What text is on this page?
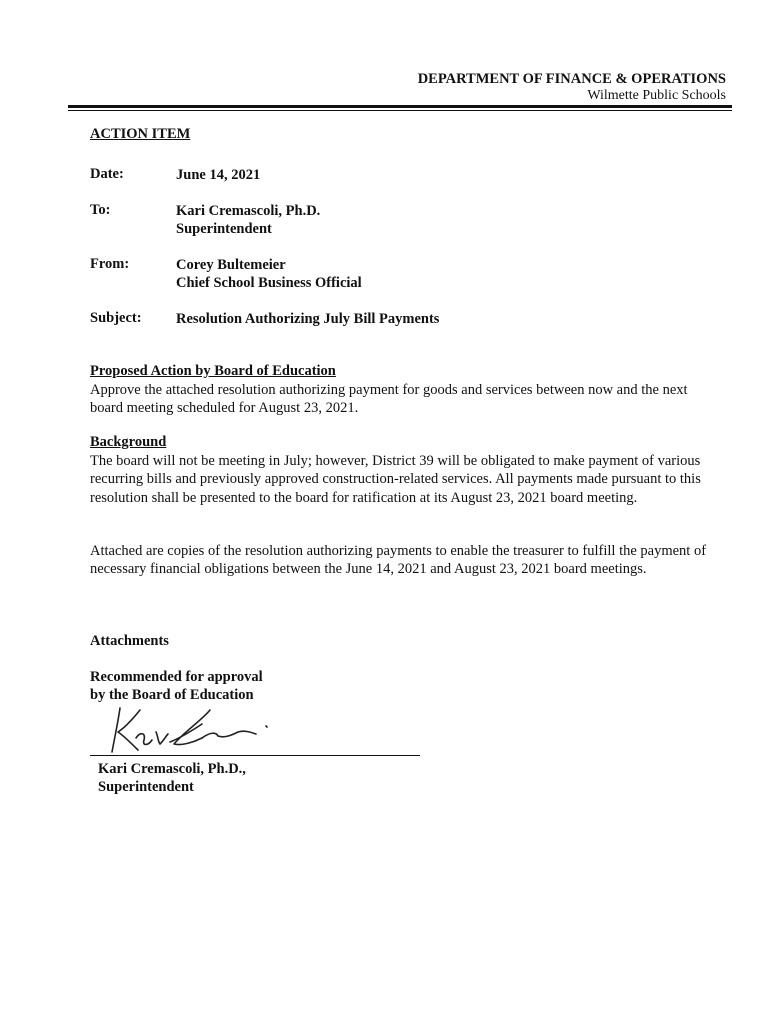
DEPARTMENT OF FINANCE & OPERATIONS
Wilmette Public Schools
ACTION ITEM
Date:	June 14, 2021
To:	Kari Cremascoli, Ph.D.
Superintendent
From:	Corey Bultemeier
Chief School Business Official
Subject: Resolution Authorizing July Bill Payments
Proposed Action by Board of Education
Approve the attached resolution authorizing payment for goods and services between now and the next board meeting scheduled for August 23, 2021.
Background
The board will not be meeting in July; however, District 39 will be obligated to make payment of various recurring bills and previously approved construction-related services. All payments made pursuant to this resolution shall be presented to the board for ratification at its August 23, 2021 board meeting.
Attached are copies of the resolution authorizing payments to enable the treasurer to fulfill the payment of necessary financial obligations between the June 14, 2021 and August 23, 2021 board meetings.
Attachments
Recommended for approval
by the Board of Education
Kari Cremascoli, Ph.D.,
Superintendent
